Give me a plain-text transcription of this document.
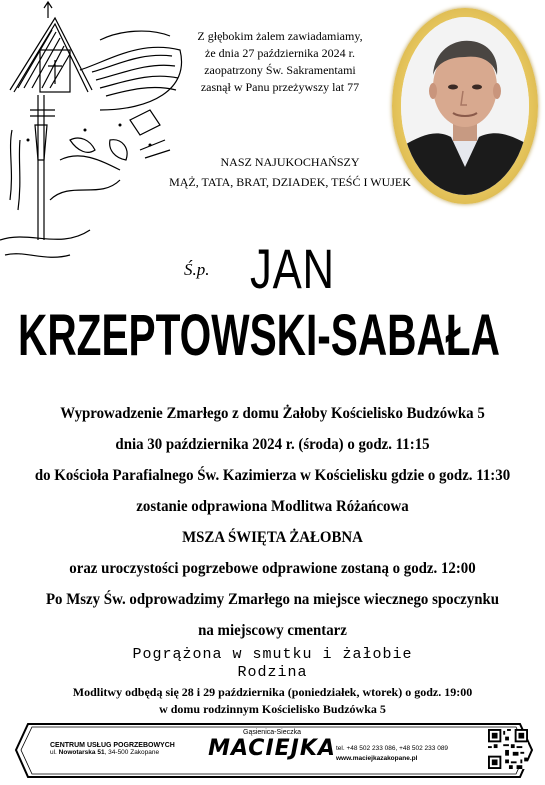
Z głębokim żalem zawiadamiamy,
że dnia 27 października 2024 r.
zaopatrzony Św. Sakramentami
zasnął w Panu przeżywszy lat 77
NASZ NAJUKOCHAŃSZY
MĄŻ, TATA, BRAT, DZIADEK, TEŚĆ I WUJEK
Ś.p. JAN
KRZEPTOWSKI-SABAŁA
Wyprowadzenie Zmarłego z domu Żałoby Kościelisko Budzówka 5
dnia 30 października 2024 r. (środa) o godz. 11:15
do Kościoła Parafialnego Św. Kazimierza w Kościelisku gdzie o godz. 11:30
zostanie odprawiona Modlitwa Różańcowa
MSZA ŚWIĘTA ŻAŁOBNA
oraz uroczystości pogrzebowe odprawione zostaną o godz. 12:00
Po Mszy Św. odprowadzimy Zmarłego na miejsce wiecznego spoczynku
na miejscowy cmentarz
Pogrążona w smutku i żałobie
Rodzina
Modlitwy odbędą się 28 i 29 października (poniedziałek, wtorek) o godz. 19:00
w domu rodzinnym Kościelisko Budzówka 5
CENTRUM USŁUG POGRZEBOWYCH
ul. Nowotarska 51, 34-500 Zakopane
Gąsienica-Sieczka
MACIEJKA tel. +48 502 233 086, +48 502 233 089
www.maciejkazakopane.pl
